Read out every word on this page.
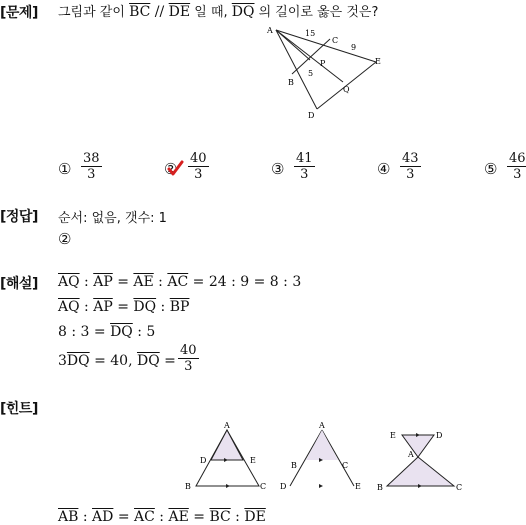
[문제] 그림과 같이 $\overline{BC} // \overline{DE}$ 일 때, $\overline{DQ}$ 의 길이로 옳은 것은?
A
C
E
P
B
Q
D
15
9
5
①
38
3	②
40
3	③
41
3	④
43
3	⑤
46
3
[정답] 순서: 없음, 갯수: 1
②
[해설] $\overline{AQ}$ : $\overline{AP} = \overline{AE}$ : $\overline{AC} = 24$ : 9 = 8 : 3
$\overline{AQ}$ : $\overline{AP} = \overline{DQ}$ : $\overline{BP}$
8 : $3 = \overline{DQ}$ : 5
$3\overline{DQ} = 40$, $\overline{DQ}$ =
40
3
[힌트]
A
D	E
B	C
A
B	C
D	E
E	D
A
B	C
$\overline{AB}$ : $\overline{AD} = \overline{AC}$ : $\overline{AE} = \overline{BC}$ : $\overline{DE}$
